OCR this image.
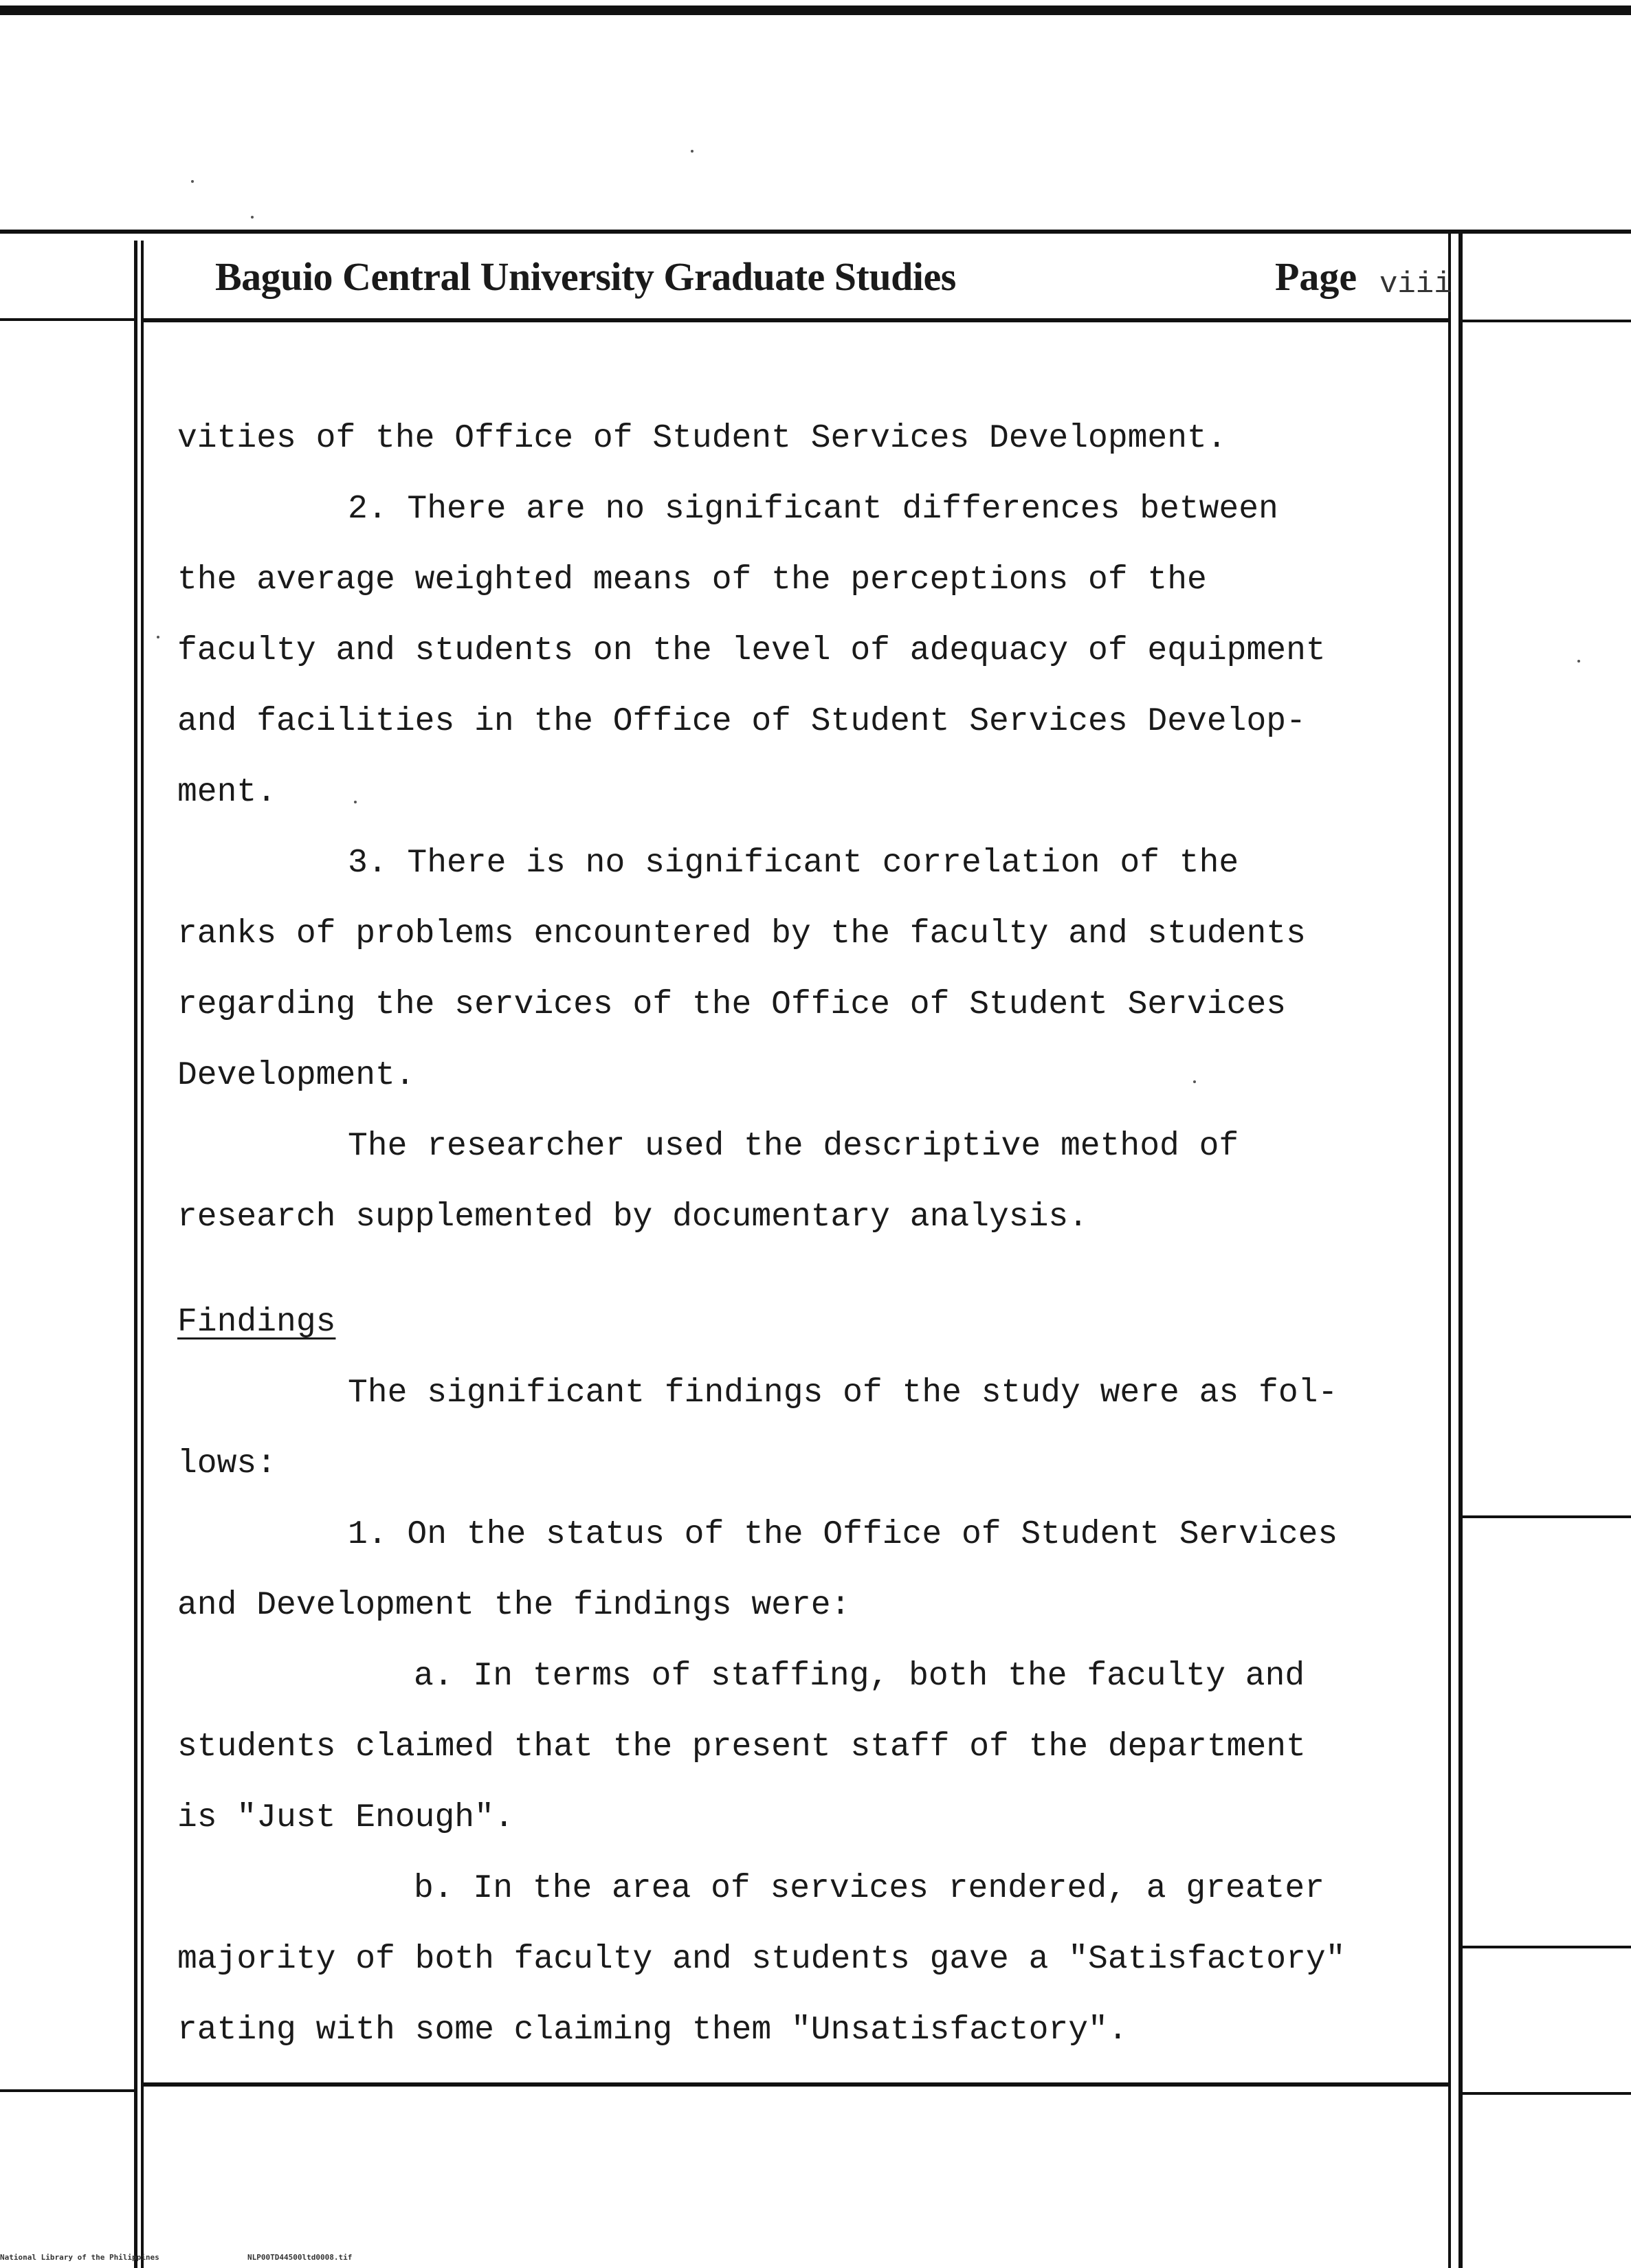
Baguio Central University Graduate Studies	Page viii
vities of the Office of Student Services Development.
2. There are no significant differences between
the average weighted means of the perceptions of the
faculty and students on the level of adequacy of equipment
and facilities in the Office of Student Services Develop-
ment.
3. There is no significant correlation of the
ranks of problems encountered by the faculty and students
regarding the services of the Office of Student Services
Development.
The researcher used the descriptive method of
research supplemented by documentary analysis.
Findings
The significant findings of the study were as fol-
lows:
1. On the status of the Office of Student Services
and Development the findings were:
a. In terms of staffing, both the faculty and
students claimed that the present staff of the department
is "Just Enough".
b. In the area of services rendered, a greater
majority of both faculty and students gave a "Satisfactory"
rating with some claiming them "Unsatisfactory".
National Library of the Philippines	NLP00TD44500ltd0008.tif
